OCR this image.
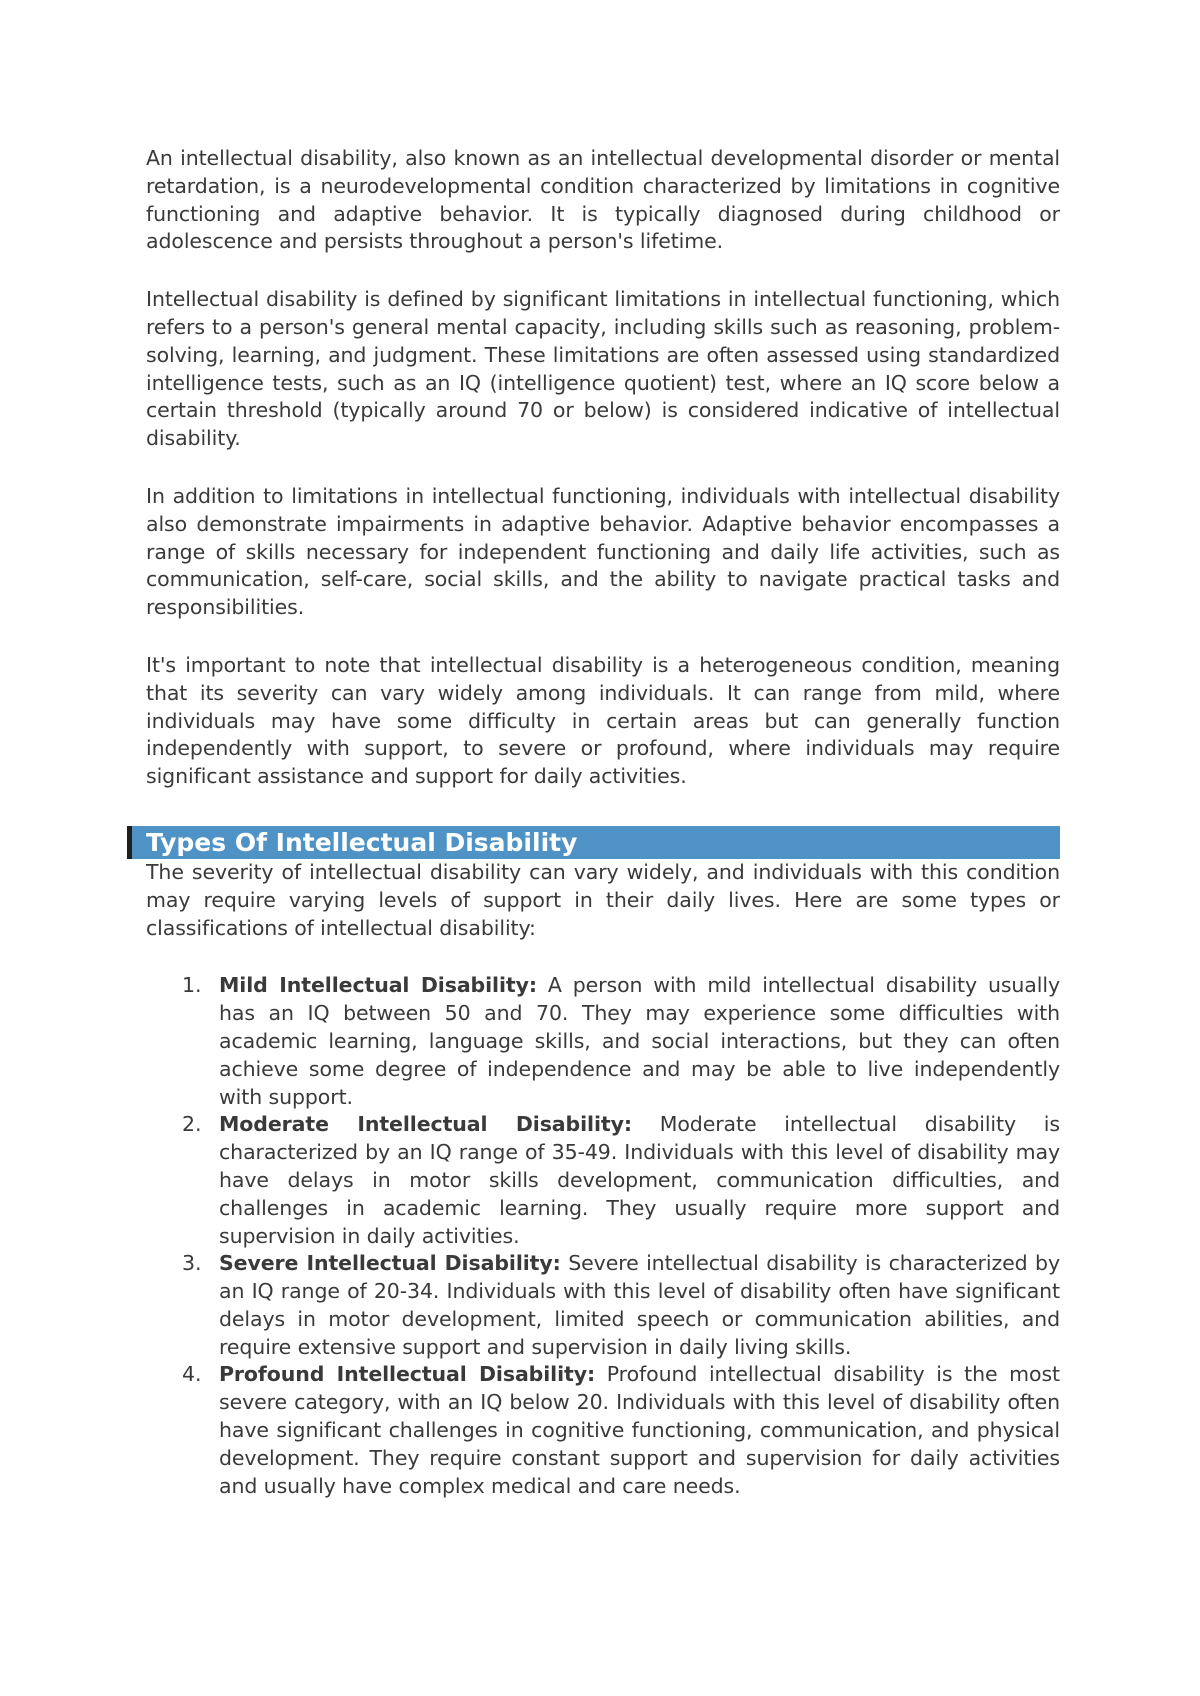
An intellectual disability, also known as an intellectual developmental disorder or mental retardation, is a neurodevelopmental condition characterized by limitations in cognitive functioning and adaptive behavior. It is typically diagnosed during childhood or adolescence and persists throughout a person's lifetime.

Intellectual disability is defined by significant limitations in intellectual functioning, which refers to a person's general mental capacity, including skills such as reasoning, problem-solving, learning, and judgment. These limitations are often assessed using standardized intelligence tests, such as an IQ (intelligence quotient) test, where an IQ score below a certain threshold (typically around 70 or below) is considered indicative of intellectual disability.

In addition to limitations in intellectual functioning, individuals with intellectual disability also demonstrate impairments in adaptive behavior. Adaptive behavior encompasses a range of skills necessary for independent functioning and daily life activities, such as communication, self-care, social skills, and the ability to navigate practical tasks and responsibilities.

It's important to note that intellectual disability is a heterogeneous condition, meaning that its severity can vary widely among individuals. It can range from mild, where individuals may have some difficulty in certain areas but can generally function independently with support, to severe or profound, where individuals may require significant assistance and support for daily activities.

Types Of Intellectual Disability

The severity of intellectual disability can vary widely, and individuals with this condition may require varying levels of support in their daily lives. Here are some types or classifications of intellectual disability:

1. Mild Intellectual Disability: A person with mild intellectual disability usually has an IQ between 50 and 70. They may experience some difficulties with academic learning, language skills, and social interactions, but they can often achieve some degree of independence and may be able to live independently with support.
2. Moderate Intellectual Disability: Moderate intellectual disability is characterized by an IQ range of 35-49. Individuals with this level of disability may have delays in motor skills development, communication difficulties, and challenges in academic learning. They usually require more support and supervision in daily activities.
3. Severe Intellectual Disability: Severe intellectual disability is characterized by an IQ range of 20-34. Individuals with this level of disability often have significant delays in motor development, limited speech or communication abilities, and require extensive support and supervision in daily living skills.
4. Profound Intellectual Disability: Profound intellectual disability is the most severe category, with an IQ below 20. Individuals with this level of disability often have significant challenges in cognitive functioning, communication, and physical development. They require constant support and supervision for daily activities and usually have complex medical and care needs.
